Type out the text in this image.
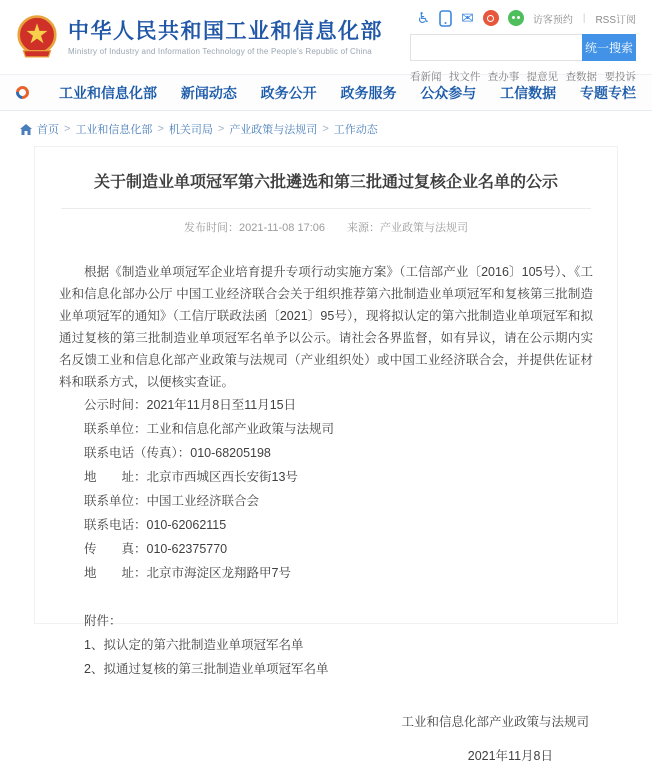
中华人民共和国工业和信息化部
Ministry of Industry and Information Technology of the People's Republic of China
♿ ✉	访客预约 | RSS订阅
统一搜索
看新闻 找文件 查办事 提意见 查数据 要投诉
工业和信息化部 新闻动态 政务公开 政务服务 公众参与 工信数据 专题专栏
首页 > 工业和信息化部 > 机关司局 > 产业政策与法规司 > 工作动态
关于制造业单项冠军第六批遴选和第三批通过复核企业名单的公示
发布时间：2021-11-08 17:06 来源：产业政策与法规司

根据《制造业单项冠军企业培育提升专项行动实施方案》（工信部产业〔2016〕105号）、《工业和信息化部办公厅 中国工业经济联合会关于组织推荐第六批制造业单项冠军和复核第三批制造业单项冠军的通知》（工信厅联政法函〔2021〕95号），现将拟认定的第六批制造业单项冠军和拟通过复核的第三批制造业单项冠军名单予以公示。请社会各界监督，如有异议，请在公示期内实名反馈工业和信息化部产业政策与法规司（产业组织处）或中国工业经济联合会，并提供佐证材料和联系方式，以便核实查证。

公示时间：2021年11月8日至11月15日
联系单位：工业和信息化部产业政策与法规司
联系电话（传真）：010-68205198
地　　址：北京市西城区西长安街13号
联系单位：中国工业经济联合会
联系电话：010-62062115
传　　真：010-62375770
地　　址：北京市海淀区龙翔路甲7号
附件：
1、拟认定的第六批制造业单项冠军名单
2、拟通过复核的第三批制造业单项冠军名单
工业和信息化部产业政策与法规司
2021年11月8日
